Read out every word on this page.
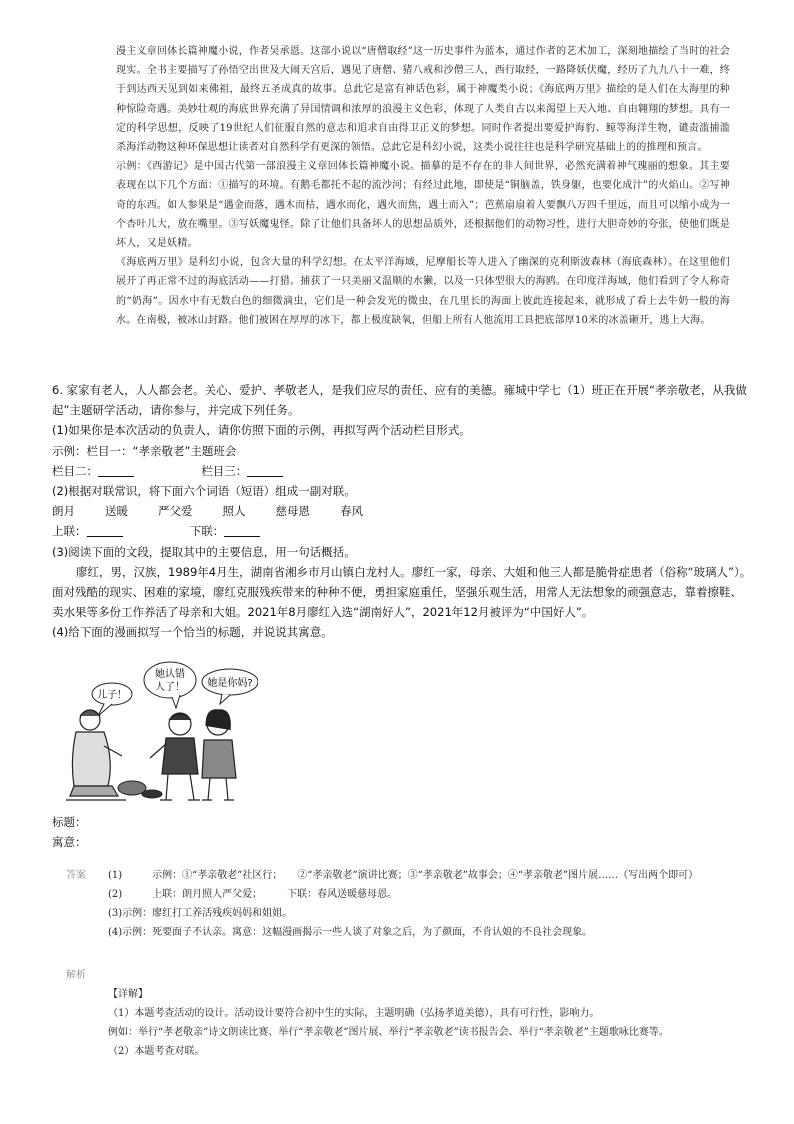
漫主义章回体长篇神魔小说，作者吴承恩。这部小说以“唐僧取经”这一历史事件为蓝本，通过作者的艺术加工，深刻地描绘了当时的社会现实。全书主要描写了孙悟空出世及大闹天宫后，遇见了唐僧、猪八戒和沙僧三人，西行取经，一路降妖伏魔，经历了九九八十一难，终于到达西天见到如来佛祖，最终五圣成真的故事。总此它是富有神话色彩，属于神魔类小说；《海底两万里》描绘的是人们在大海里的种种惊险奇遇。美妙壮观的海底世界充满了异国情调和浓厚的浪漫主义色彩，体现了人类自古以来渴望上天入地、自由翱翔的梦想。具有一定的科学思想，反映了19世纪人们征服自然的意志和追求自由得卫正义的梦想。同时作者提出要爱护海豹、鲸等海洋生物，谴责滥捕滥杀海洋动物这种环保思想让读者对自然科学有更深的领悟。总此它是科幻小说，这类小说往往也是科学研究基础上的的推理和预言。

示例：《西游记》是中国古代第一部浪漫主义章回体长篇神魔小说。描摹的是不存在的非人间世界，必然充满着神气瑰丽的想象。其主要表现在以下几个方面：①描写的环境。有鹅毛都托不起的流沙河；有经过此地，即使是“铜脑盖，铁身躯，也要化成汁”的火焰山。②写神奇的东西。如人参果是“遇金而落，遇木而枯，遇水而化，遇火而焦，遇土而入”；芭蕉扇扇着人要飘八万四千里远，而且可以缩小成为一个杏叶儿大，放在嘴里。③写妖魔鬼怪。除了让他们具备坏人的思想品质外，还根据他们的动物习性，进行大胆奇妙的夸张，使他们既是坏人，又是妖精。

《海底两万里》是科幻小说，包含大量的科学幻想。在太平洋海域，尼摩船长等人进入了幽深的克利斯波森林（海底森林）。在这里他们展开了再正常不过的海底活动——打猎。捕获了一只美丽又温顺的水獭，以及一只体型很大的海鸥。在印度洋海域，他们看到了令人称奇的“奶海”。因水中有无数白色的细微滴虫，它们是一种会发光的微虫，在几里长的海面上彼此连接起来，就形成了看上去牛奶一般的海水。在南极，被冰山封路。他们被困在厚厚的冰下，都上极度缺氧，但船上所有人他流用工具把底部厚10米的冰盖砸开，逃上大海。

6. 家家有老人，人人都会老。关心、爱护、孝敬老人，是我们应尽的责任、应有的美德。雍城中学七（1）班正在开展“孝亲敬老，从我做起”主题研学活动，请你参与，并完成下列任务。

(1)如果你是本次活动的负责人，请你仿照下面的示例，再拟写两个活动栏目形式。

示例：栏目一：“孝亲敬老”主题班会

栏目二：	栏目三：

(2)根据对联常识，将下面六个词语（短语）组成一副对联。

朗月	送暖	严父爱	照人	慈母恩	春风

上联：	下联：

(3)阅读下面的文段，提取其中的主要信息，用一句话概括。

廖红，男，汉族，1989年4月生，湖南省湘乡市月山镇白龙村人。廖红一家，母亲、大姐和他三人都是脆骨症患者（俗称“玻璃人”）。面对残酷的现实、困难的家境，廖红克服残疾带来的种种不便，勇担家庭重任，坚强乐观生活，用常人无法想象的顽强意志，靠着擦鞋、卖水果等多份工作养活了母亲和大姐。2021年8月廖红入选“湖南好人”，2021年12月被评为“中国好人”。

(4)给下面的漫画拟写一个恰当的标题，并说说其寓意。

儿子！
她认错
人了！ 她是你妈?
标题：
寓意：
答案 (1)　　　	示例：①“孝亲敬老”社区行；　　②“孝亲敬老”演讲比赛；③“孝亲敬老”故事会；④“孝亲敬老”图片展……（写出两个即可）

(2)　　　	上联：朗月照人严父爱；　　　	下联：春风送暖慈母恩。

(3)示例：廖红打工养活残疾妈妈和姐姐。

(4)示例：死要面子不认亲。寓意：这幅漫画揭示一些人谈了对象之后，为了颜面，不肯认娘的不良社会现象。

解析

【详解】

（1）本题考查活动的设计。活动设计要符合初中生的实际，主题明确（弘扬孝道美德），具有可行性，影响力。

例如：举行“孝老敬亲”诗文朗读比赛、举行“孝亲敬老”图片展、举行“孝亲敬老”读书报告会、举行“孝亲敬老”主题歌咏比赛等。

（2）本题考查对联。
